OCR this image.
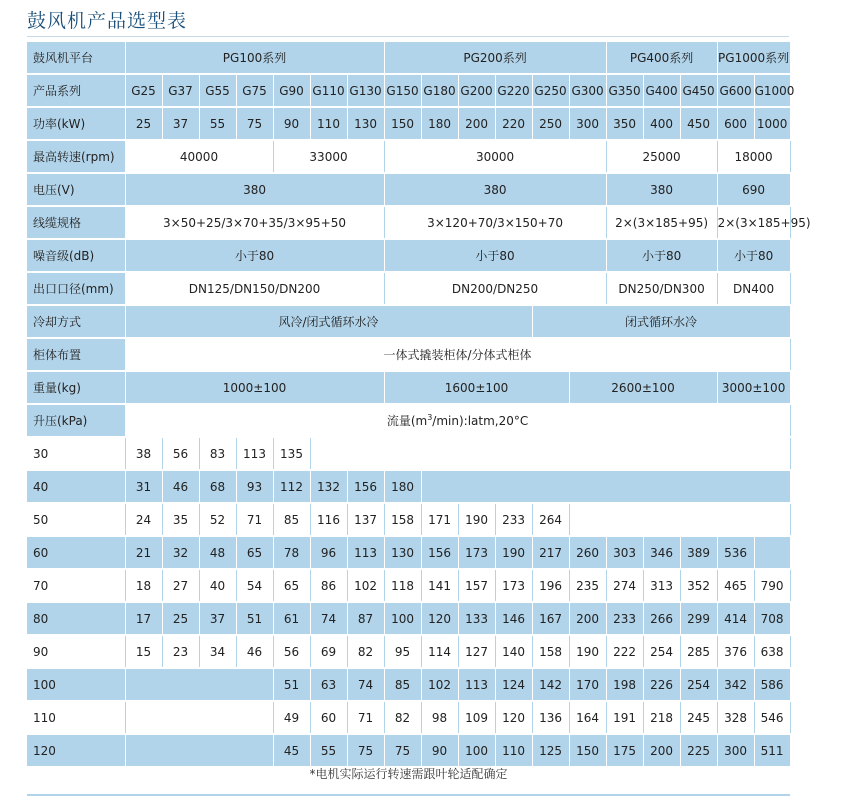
鼓风机产品选型表
鼓风机平台	PG100系列							PG200系列						PG400系列			PG1000系列	
产品系列	G25	G37	G55	G75	G90	G110	G130	G150	G180	G200	G220	G250	G300	G350	G400	G450	G600	G1000
功率(kW)	25	37	55	75	90	110	130	150	180	200	220	250	300	350	400	450	600	1000
最高转速(rpm)	40000				33000			30000						25000			18000	
电压(V)	380							380						380			690	
线缆规格	3×50+25/3×70+35/3×95+50							3×120+70/3×150+70						2×(3×185+95)			2×(3×185+95)	
噪音级(dB)	小于80							小于80						小于80			小于80	
出口口径(mm)	DN125/DN150/DN200							DN200/DN250						DN250/DN300			DN400	
冷却方式	风冷/闭式循环水冷											闭式循环水冷						
柜体布置	一体式撬装柜体/分体式柜体																	
重量(kg)	1000±100							1600±100					2600±100				3000±100	
升压(kPa)	流量$(m^3/\min):latm,20^\circ C$																	
30	38	56	83	113	135													
40	31	46	68	93	112	132	156	180										
50	24	35	52	71	85	116	137	158	171	190	233	264						
60	21	32	48	65	78	96	113	130	156	173	190	217	260	303	346	389	536	
70	18	27	40	54	65	86	102	118	141	157	173	196	235	274	313	352	465	790
80	17	25	37	51	61	74	87	100	120	133	146	167	200	233	266	299	414	708
90	15	23	34	46	56	69	82	95	114	127	140	158	190	222	254	285	376	638
100					51	63	74	85	102	113	124	142	170	198	226	254	342	586
110					49	60	71	82	98	109	120	136	164	191	218	245	328	546
120					45	55	75	75	90	100	110	125	150	175	200	225	300	511
*电机实际运行转速需跟叶轮适配确定
